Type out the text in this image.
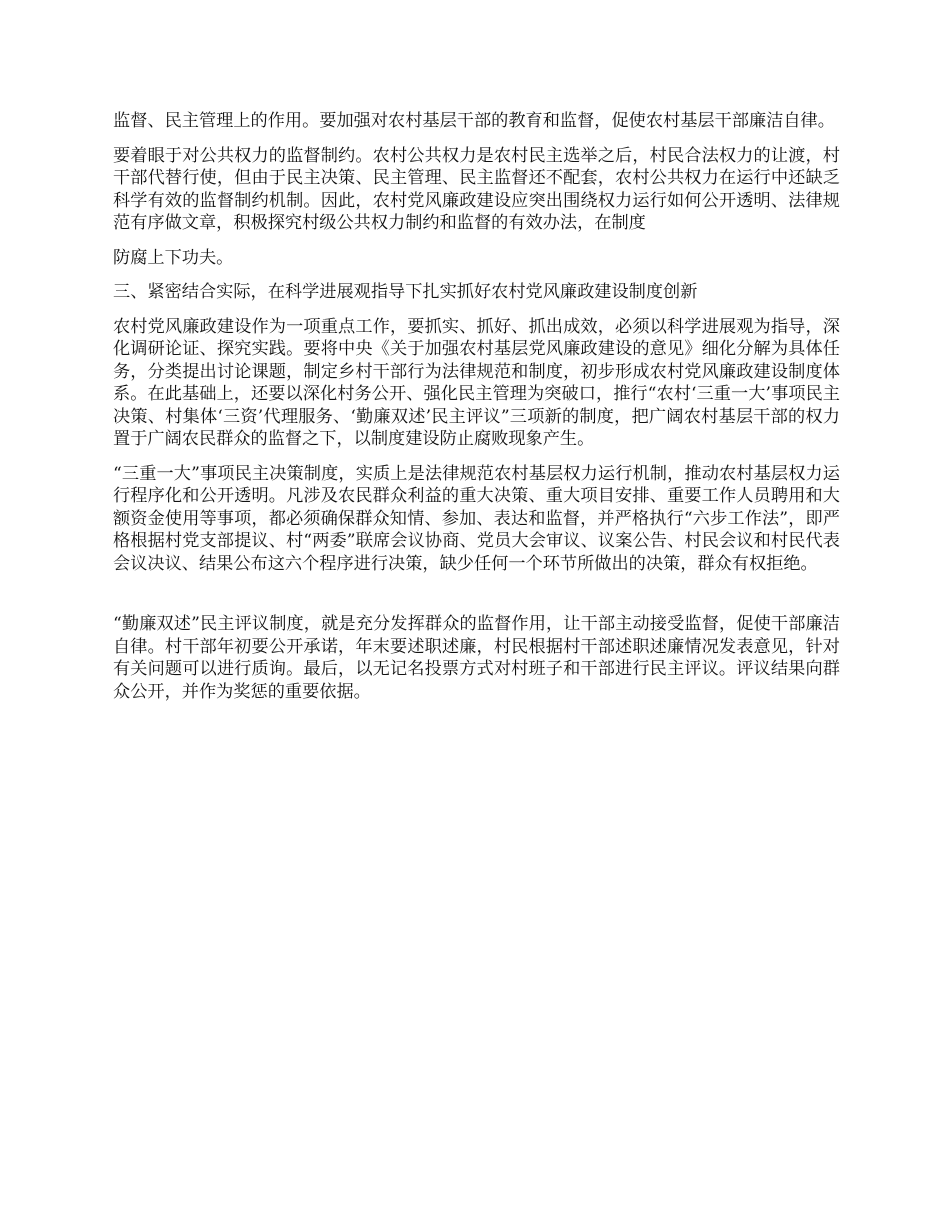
监督、民主管理上的作用。要加强对农村基层干部的教育和监督，促使农村基层干部廉洁自律。

要着眼于对公共权力的监督制约。农村公共权力是农村民主选举之后，村民合法权力的让渡，村干部代替行使，但由于民主决策、民主管理、民主监督还不配套，农村公共权力在运行中还缺乏科学有效的监督制约机制。因此，农村党风廉政建设应突出围绕权力运行如何公开透明、法律规范有序做文章，积极探究村级公共权力制约和监督的有效办法，在制度

防腐上下功夫。

三、紧密结合实际，在科学进展观指导下扎实抓好农村党风廉政建设制度创新

农村党风廉政建设作为一项重点工作，要抓实、抓好、抓出成效，必须以科学进展观为指导，深化调研论证、探究实践。要将中央《关于加强农村基层党风廉政建设的意见》细化分解为具体任务，分类提出讨论课题，制定乡村干部行为法律规范和制度，初步形成农村党风廉政建设制度体系。在此基础上，还要以深化村务公开、强化民主管理为突破口，推行“农村‘三重一大’事项民主决策、村集体‘三资’代理服务、‘勤廉双述’民主评议”三项新的制度，把广阔农村基层干部的权力置于广阔农民群众的监督之下，以制度建设防止腐败现象产生。

“三重一大”事项民主决策制度，实质上是法律规范农村基层权力运行机制，推动农村基层权力运行程序化和公开透明。凡涉及农民群众利益的重大决策、重大项目安排、重要工作人员聘用和大额资金使用等事项，都必须确保群众知情、参加、表达和监督，并严格执行“六步工作法”，即严格根据村党支部提议、村“两委”联席会议协商、党员大会审议、议案公告、村民会议和村民代表会议决议、结果公布这六个程序进行决策，缺少任何一个环节所做出的决策，群众有权拒绝。

“勤廉双述”民主评议制度，就是充分发挥群众的监督作用，让干部主动接受监督，促使干部廉洁自律。村干部年初要公开承诺，年末要述职述廉，村民根据村干部述职述廉情况发表意见，针对有关问题可以进行质询。最后，以无记名投票方式对村班子和干部进行民主评议。评议结果向群众公开，并作为奖惩的重要依据。
